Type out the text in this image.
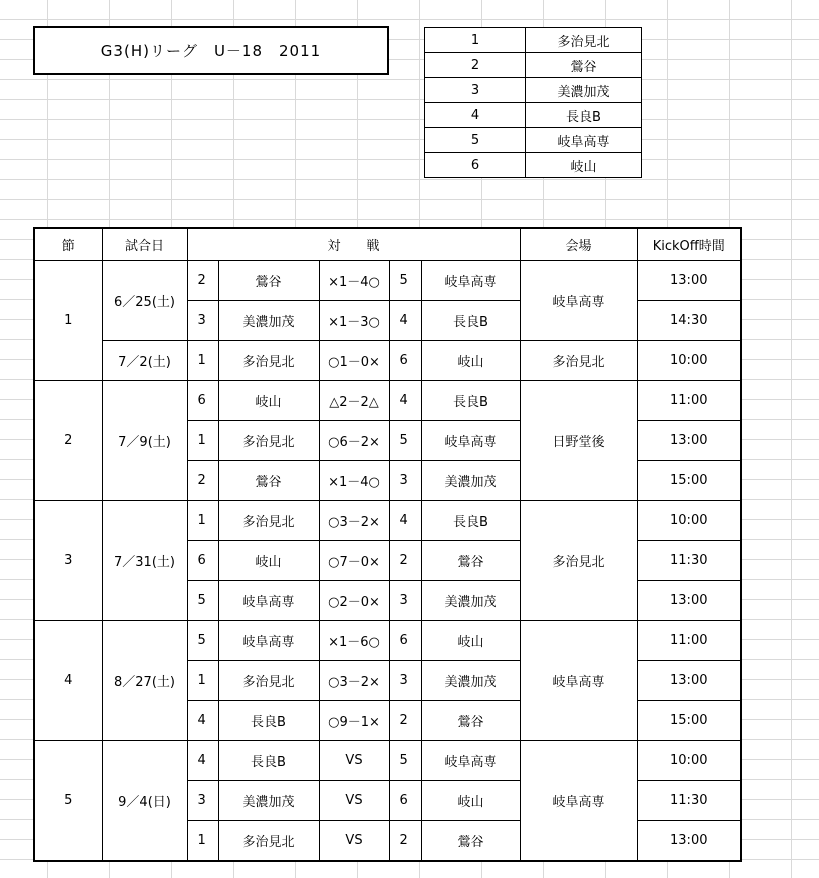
G3(H)リーグ　U－18　2011
1	多治見北
2	鶯谷
3	美濃加茂
4	長良B
5	岐阜高専
6	岐山
節	試合日	対　　戦					会場	KickOff時間
1	6／25(土)	2	鶯谷	×1－4○	5	岐阜高専	岐阜高専	13:00
		3	美濃加茂	×1－3○	4	長良B		14:30
	7／2(土)	1	多治見北	○1－0×	6	岐山	多治見北	10:00
2	7／9(土)	6	岐山	△2－2△	4	長良B	日野堂後	11:00
		1	多治見北	○6－2×	5	岐阜高専		13:00
		2	鶯谷	×1－4○	3	美濃加茂		15:00
3	7／31(土)	1	多治見北	○3－2×	4	長良B	多治見北	10:00
		6	岐山	○7－0×	2	鶯谷		11:30
		5	岐阜高専	○2－0×	3	美濃加茂		13:00
4	8／27(土)	5	岐阜高専	×1－6○	6	岐山	岐阜高専	11:00
		1	多治見北	○3－2×	3	美濃加茂		13:00
		4	長良B	○9－1×	2	鶯谷		15:00
5	9／4(日)	4	長良B	VS	5	岐阜高専	岐阜高専	10:00
		3	美濃加茂	VS	6	岐山		11:30
		1	多治見北	VS	2	鶯谷		13:00
